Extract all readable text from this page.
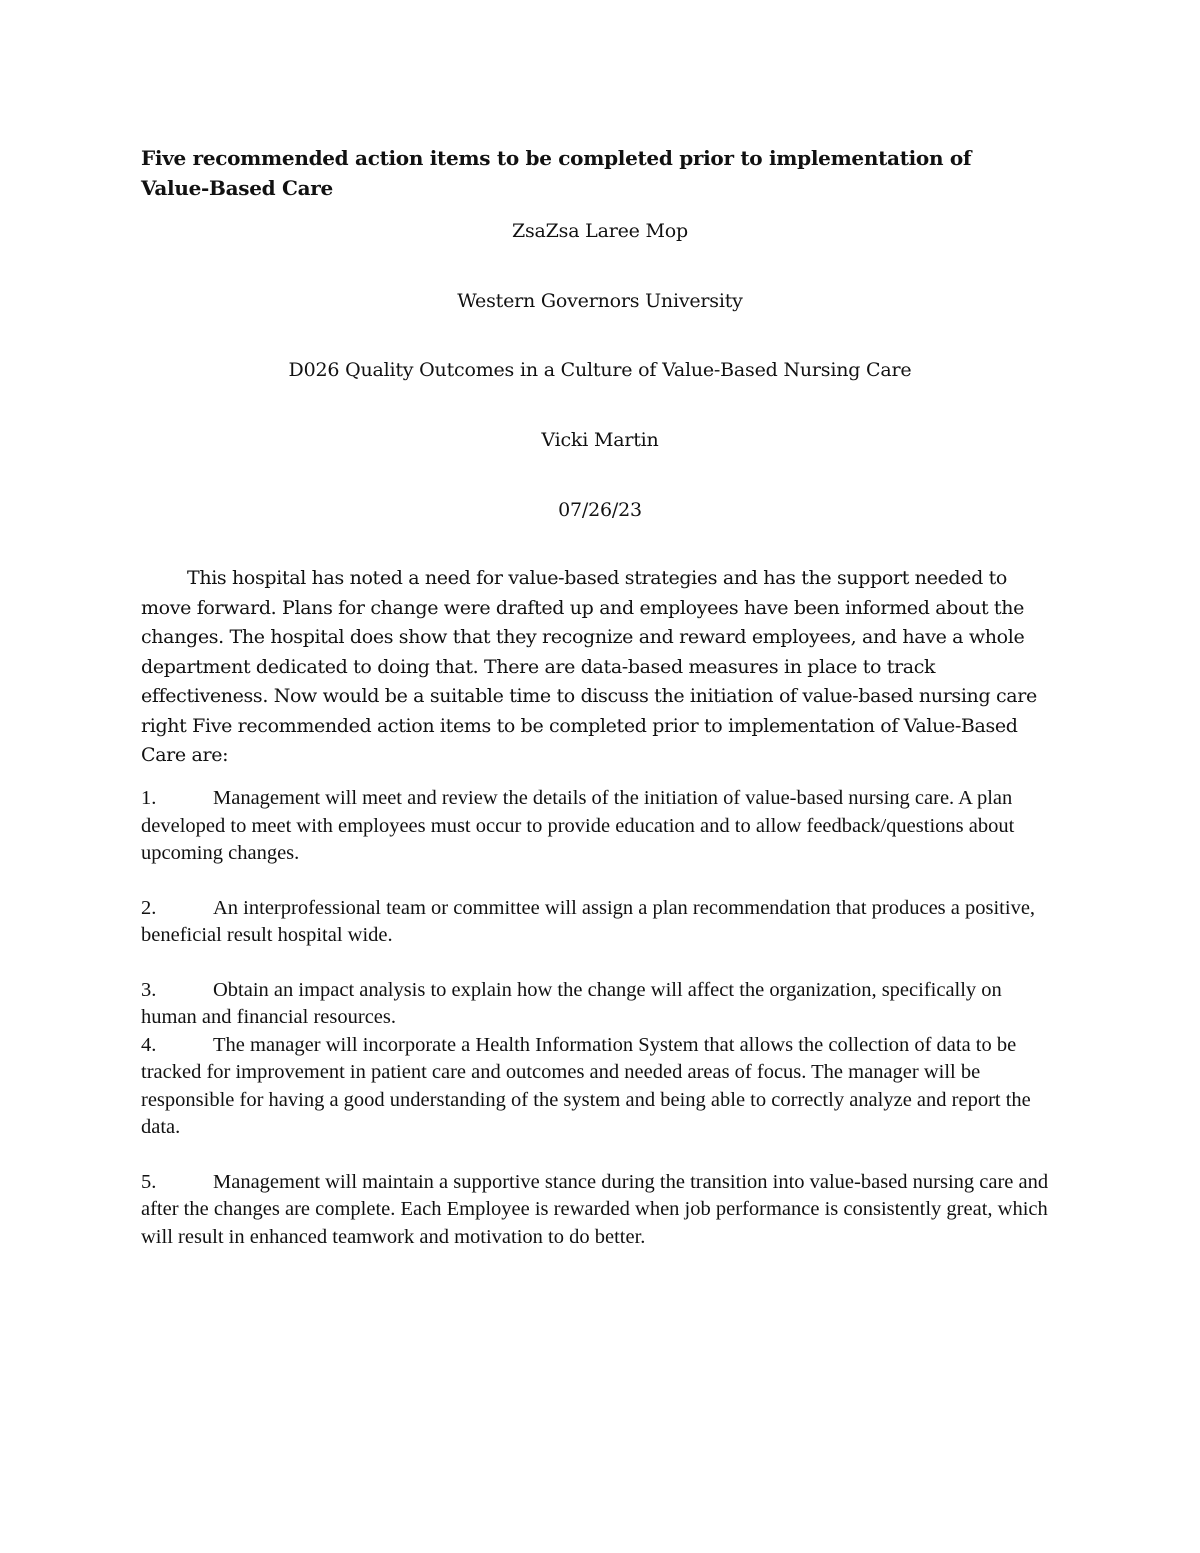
Five recommended action items to be completed prior to implementation of Value-Based Care

ZsaZsa Laree Mop

Western Governors University

D026 Quality Outcomes in a Culture of Value-Based Nursing Care

Vicki Martin

07/26/23

This hospital has noted a need for value-based strategies and has the support needed to move forward. Plans for change were drafted up and employees have been informed about the changes. The hospital does show that they recognize and reward employees, and have a whole department dedicated to doing that. There are data-based measures in place to track effectiveness. Now would be a suitable time to discuss the initiation of value-based nursing care right Five recommended action items to be completed prior to implementation of Value-Based Care are:

1.	Management will meet and review the details of the initiation of value-based nursing care. A plan developed to meet with employees must occur to provide education and to allow feedback/questions about upcoming changes.
2.	An interprofessional team or committee will assign a plan recommendation that produces a positive, beneficial result hospital wide.
3.	Obtain an impact analysis to explain how the change will affect the organization, specifically on human and financial resources.
4.	The manager will incorporate a Health Information System that allows the collection of data to be tracked for improvement in patient care and outcomes and needed areas of focus. The manager will be responsible for having a good understanding of the system and being able to correctly analyze and report the data.
5.	Management will maintain a supportive stance during the transition into value-based nursing care and after the changes are complete. Each Employee is rewarded when job performance is consistently great, which will result in enhanced teamwork and motivation to do better.
